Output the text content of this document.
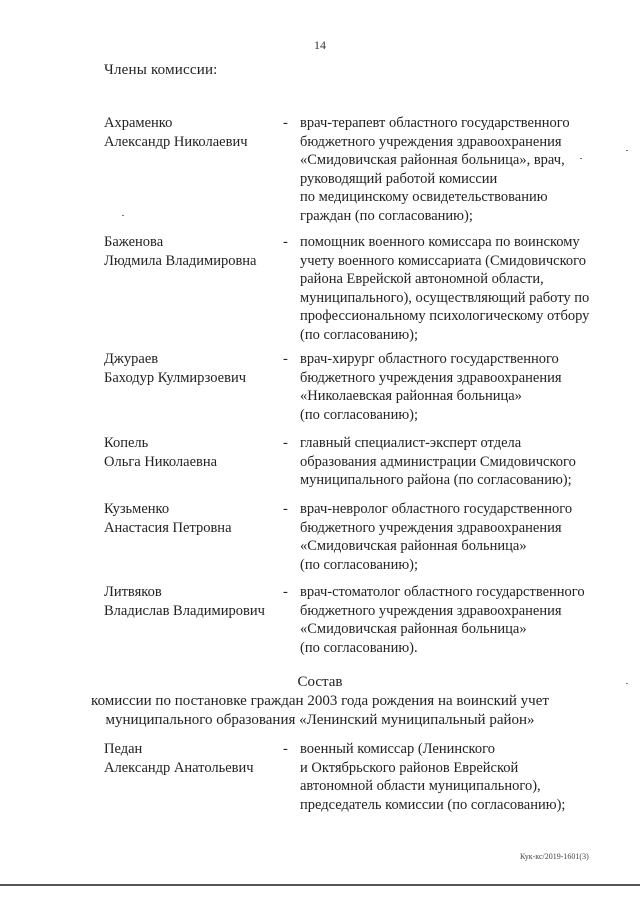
14
Члены комиссии:
Ахраменко
Александр Николаевич
- врач-терапевт областного государственного
бюджетного учреждения здравоохранения
«Смидовичская районная больница», врач,
руководящий работой комиссии
по медицинскому освидетельствованию
граждан (по согласованию);
Баженова
Людмила Владимировна
- помощник военного комиссара по воинскому
учету военного комиссариата (Смидовичского
района Еврейской автономной области,
муниципального), осуществляющий работу по
профессиональному психологическому отбору
(по согласованию);
Джураев
Баходур Кулмирзоевич
- врач-хирург областного государственного
бюджетного учреждения здравоохранения
«Николаевская районная больница»
(по согласованию);
Копель
Ольга Николаевна
- главный специалист-эксперт отдела
образования администрации Смидовичского
муниципального района (по согласованию);
Кузьменко
Анастасия Петровна
- врач-невролог областного государственного
бюджетного учреждения здравоохранения
«Смидовичская районная больница»
(по согласованию);
Литвяков
Владислав Владимирович
- врач-стоматолог областного государственного
бюджетного учреждения здравоохранения
«Смидовичская районная больница»
(по согласованию).
Состав
комиссии по постановке граждан 2003 года рождения на воинский учет
муниципального образования «Ленинский муниципальный район»
Педан
Александр Анатольевич
- военный комиссар (Ленинского
и Октябрьского районов Еврейской
автономной области муниципального),
председатель комиссии (по согласованию);
Кук-кс/2019-1601(3)
